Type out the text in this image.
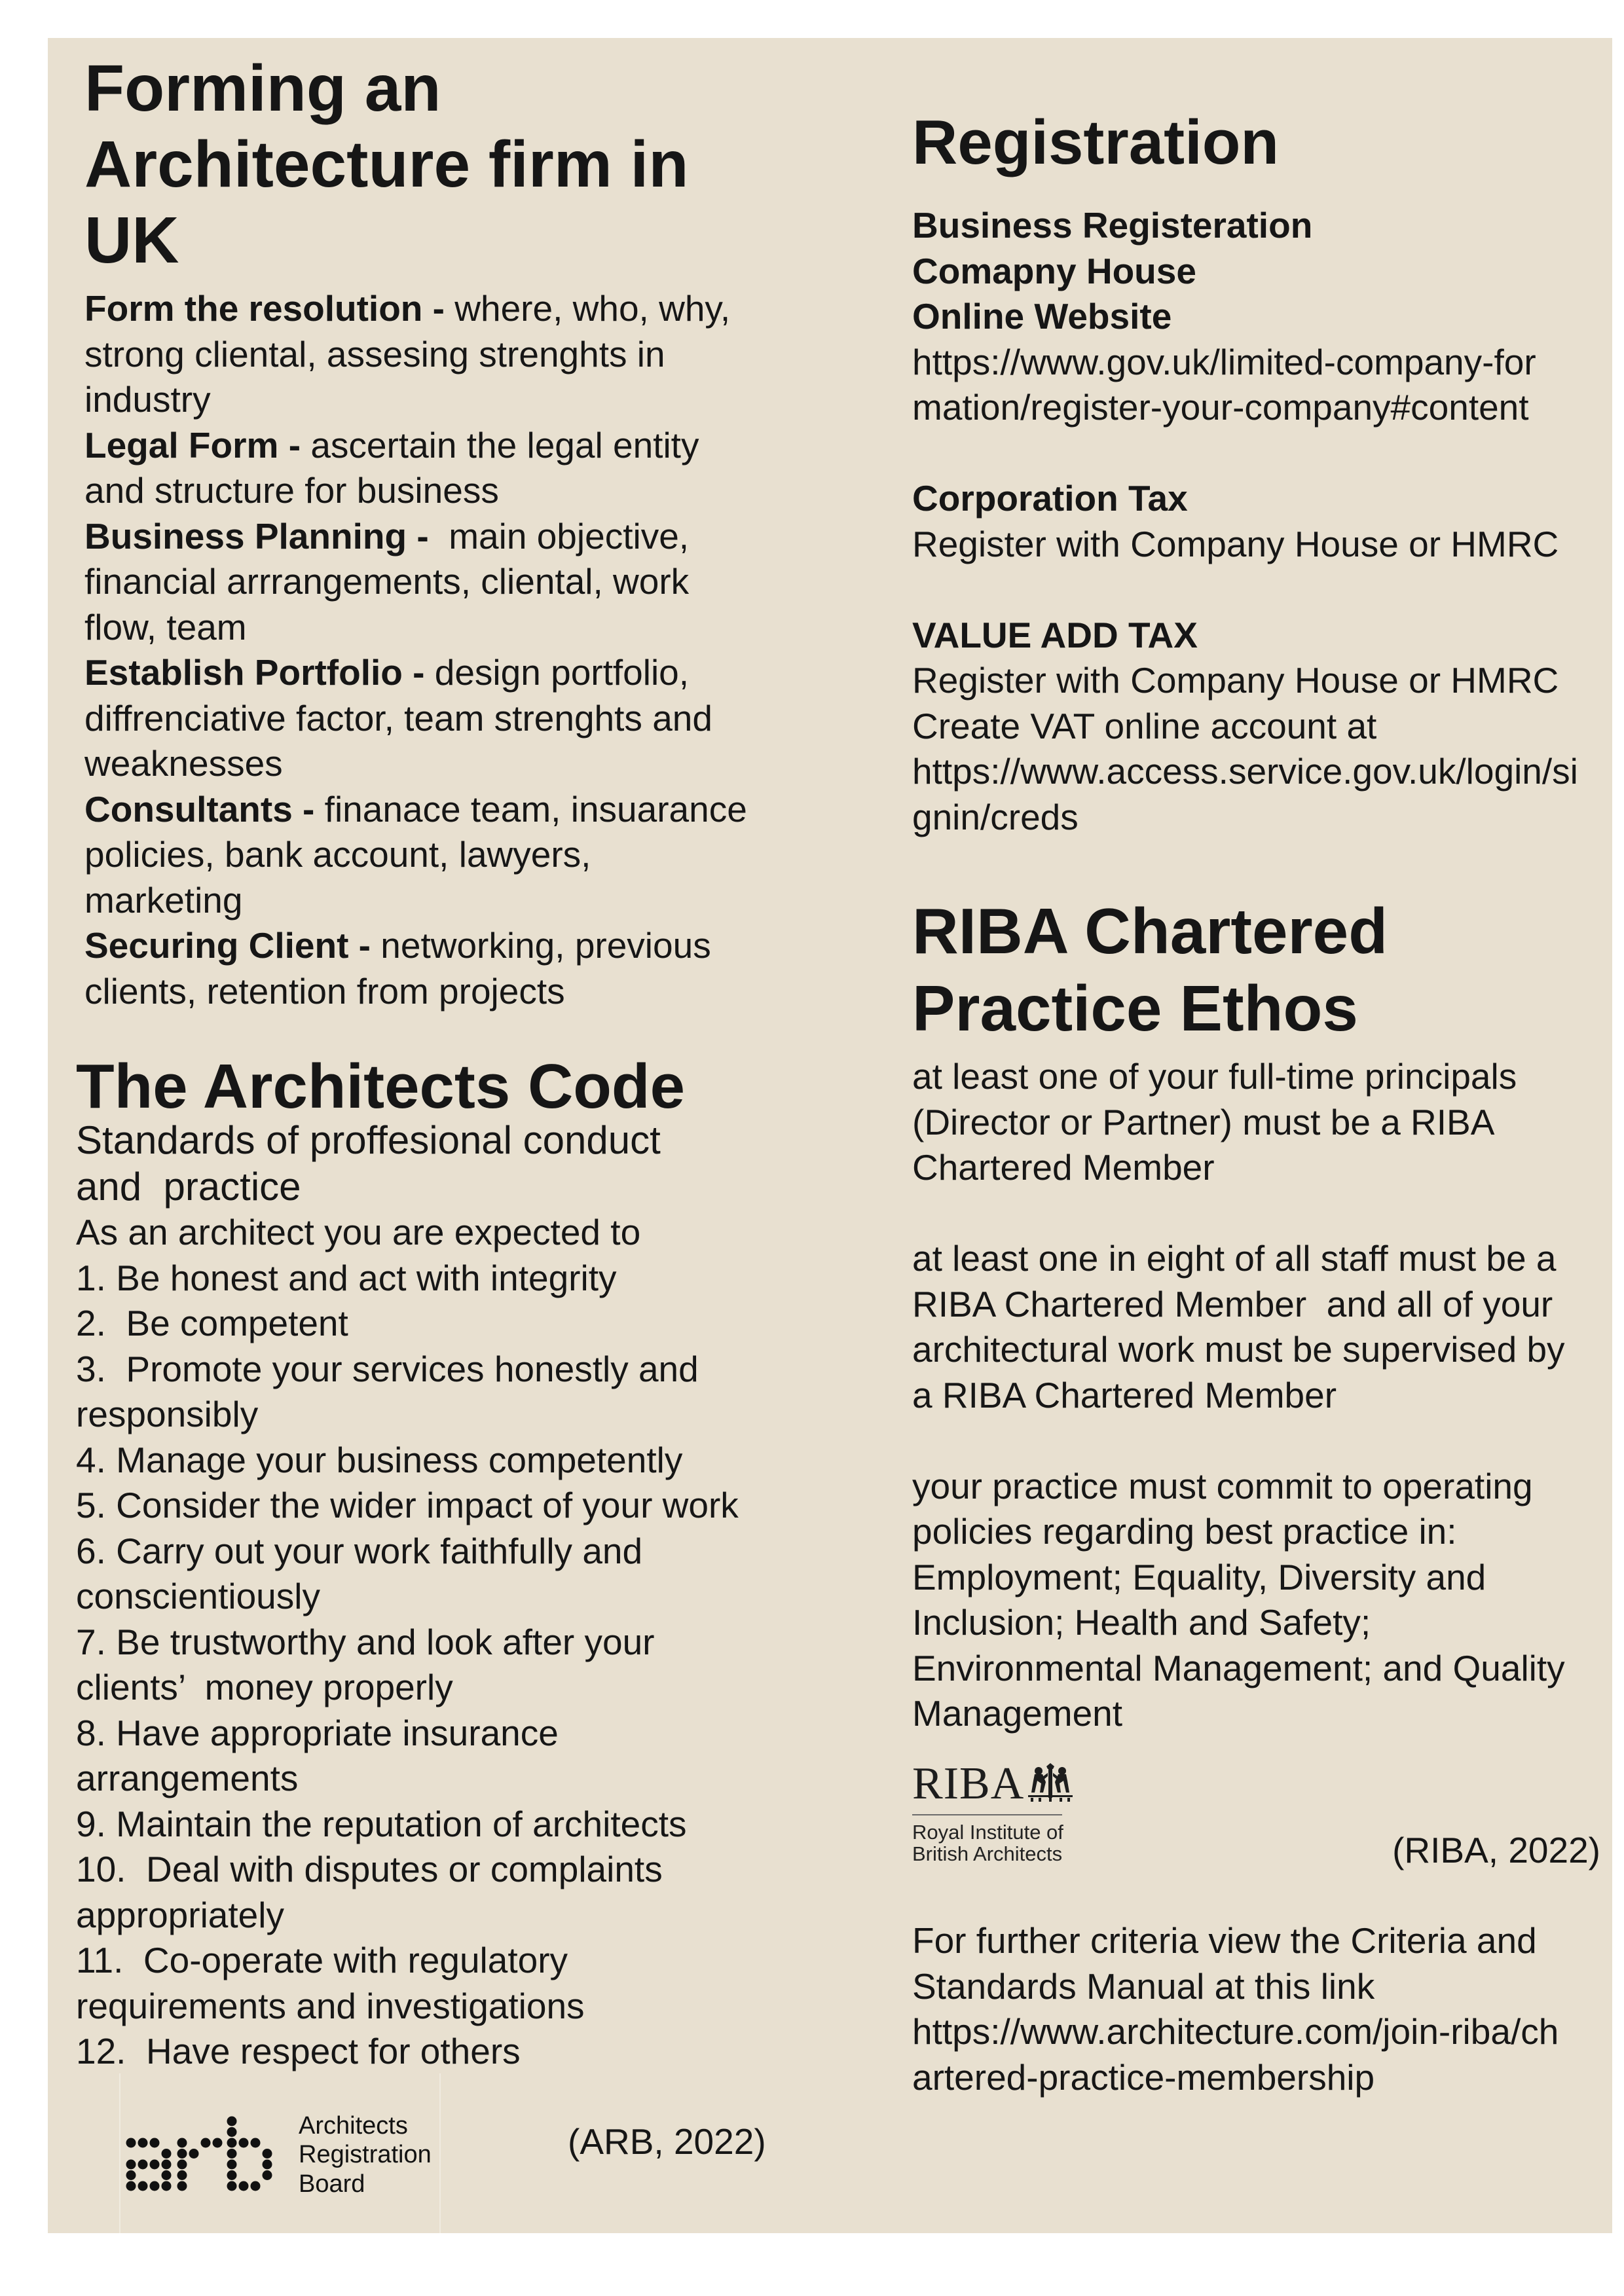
Forming an
Architecture firm in
UK
Form the resolution - where, who, why,
strong cliental, assesing strenghts in
industry
Legal Form - ascertain the legal entity
and structure for business
Business Planning - main objective,
financial arrrangements, cliental, work
flow, team
Establish Portfolio - design portfolio,
diffrenciative factor, team strenghts and
weaknesses
Consultants - finanace team, insuarance
policies, bank account, lawyers,
marketing
Securing Client - networking, previous
clients, retention from projects
The Architects Code
Standards of proffesional conduct
and  practice
As an architect you are expected to
1. Be honest and act with integrity
2.  Be competent
3.  Promote your services honestly and
responsibly
4. Manage your business competently
5. Consider the wider impact of your work
6. Carry out your work faithfully and
conscientiously
7. Be trustworthy and look after your
clients’  money properly
8. Have appropriate insurance
arrangements
9. Maintain the reputation of architects
10.  Deal with disputes or complaints
appropriately
11.  Co-operate with regulatory
requirements and investigations
12.  Have respect for others
Architects
Registration
Board
(ARB, 2022)
Registration
Business Registeration
Comapny House
Online Website
https://www.gov.uk/limited-company-for
mation/register-your-company#content
Corporation Tax
Register with Company House or HMRC
VALUE ADD TAX
Register with Company House or HMRC
Create VAT online account at
https://www.access.service.gov.uk/login/si
gnin/creds
RIBA Chartered
Practice Ethos
at least one of your full-time principals
(Director or Partner) must be a RIBA
Chartered Member
at least one in eight of all staff must be a
RIBA Chartered Member  and all of your
architectural work must be supervised by
a RIBA Chartered Member
your practice must commit to operating
policies regarding best practice in:
Employment; Equality, Diversity and
Inclusion; Health and Safety;
Environmental Management; and Quality
Management
RIBA
Royal Institute of
British Architects	(RIBA, 2022)
For further criteria view the Criteria and
Standards Manual at this link
https://www.architecture.com/join-riba/ch
artered-practice-membership
